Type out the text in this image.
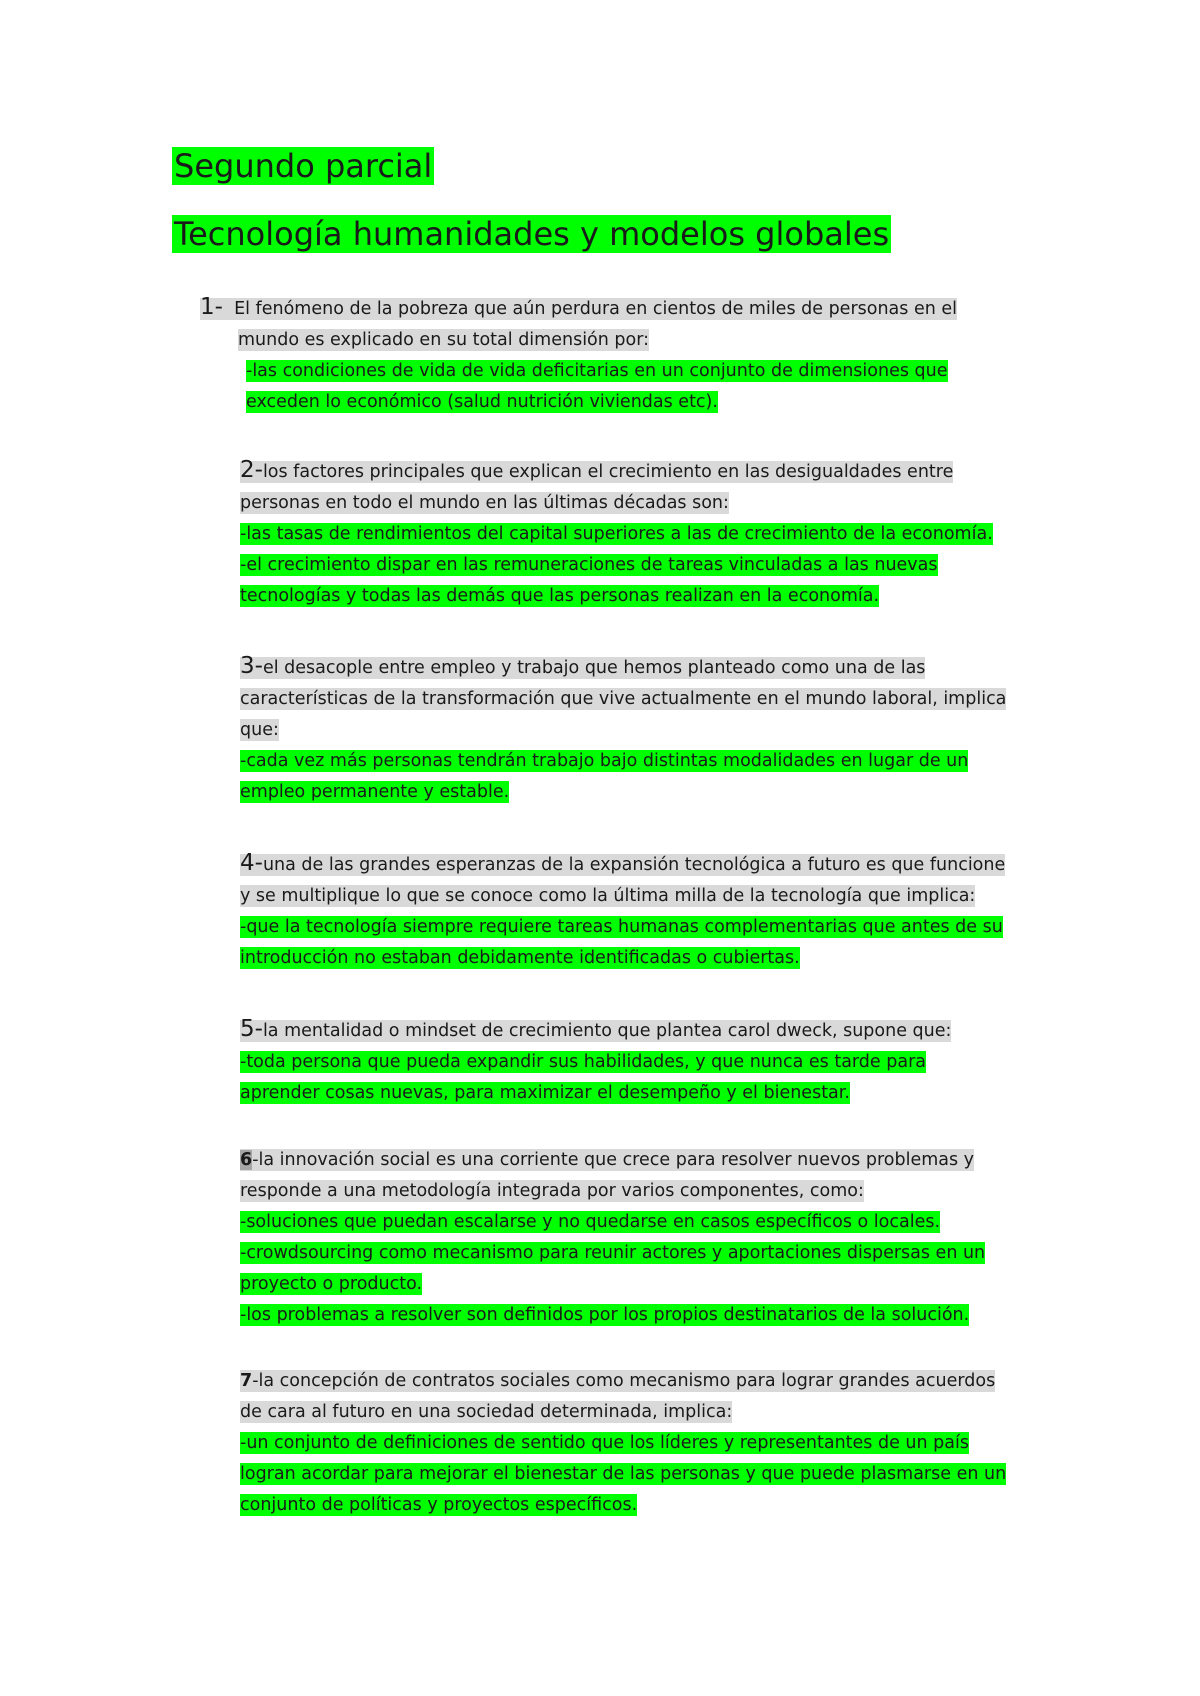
Segundo parcial
Tecnología humanidades y modelos globales
1- El fenómeno de la pobreza que aún perdura en cientos de miles de personas en el
mundo es explicado en su total dimensión por:
-las condiciones de vida de vida deficitarias en un conjunto de dimensiones que
exceden lo económico (salud nutrición viviendas etc).
2-los factores principales que explican el crecimiento en las desigualdades entre
personas en todo el mundo en las últimas décadas son:
-las tasas de rendimientos del capital superiores a las de crecimiento de la economía.
-el crecimiento dispar en las remuneraciones de tareas vinculadas a las nuevas
tecnologías y todas las demás que las personas realizan en la economía.
3-el desacople entre empleo y trabajo que hemos planteado como una de las
características de la transformación que vive actualmente en el mundo laboral, implica
que:
-cada vez más personas tendrán trabajo bajo distintas modalidades en lugar de un
empleo permanente y estable.
4-una de las grandes esperanzas de la expansión tecnológica a futuro es que funcione
y se multiplique lo que se conoce como la última milla de la tecnología que implica:
-que la tecnología siempre requiere tareas humanas complementarias que antes de su
introducción no estaban debidamente identificadas o cubiertas.
5-la mentalidad o mindset de crecimiento que plantea carol dweck, supone que:
-toda persona que pueda expandir sus habilidades, y que nunca es tarde para
aprender cosas nuevas, para maximizar el desempeño y el bienestar.
6-la innovación social es una corriente que crece para resolver nuevos problemas y
responde a una metodología integrada por varios componentes, como:
-soluciones que puedan escalarse y no quedarse en casos específicos o locales.
-crowdsourcing como mecanismo para reunir actores y aportaciones dispersas en un
proyecto o producto.
-los problemas a resolver son definidos por los propios destinatarios de la solución.
7-la concepción de contratos sociales como mecanismo para lograr grandes acuerdos
de cara al futuro en una sociedad determinada, implica:
-un conjunto de definiciones de sentido que los líderes y representantes de un país
logran acordar para mejorar el bienestar de las personas y que puede plasmarse en un
conjunto de políticas y proyectos específicos.
